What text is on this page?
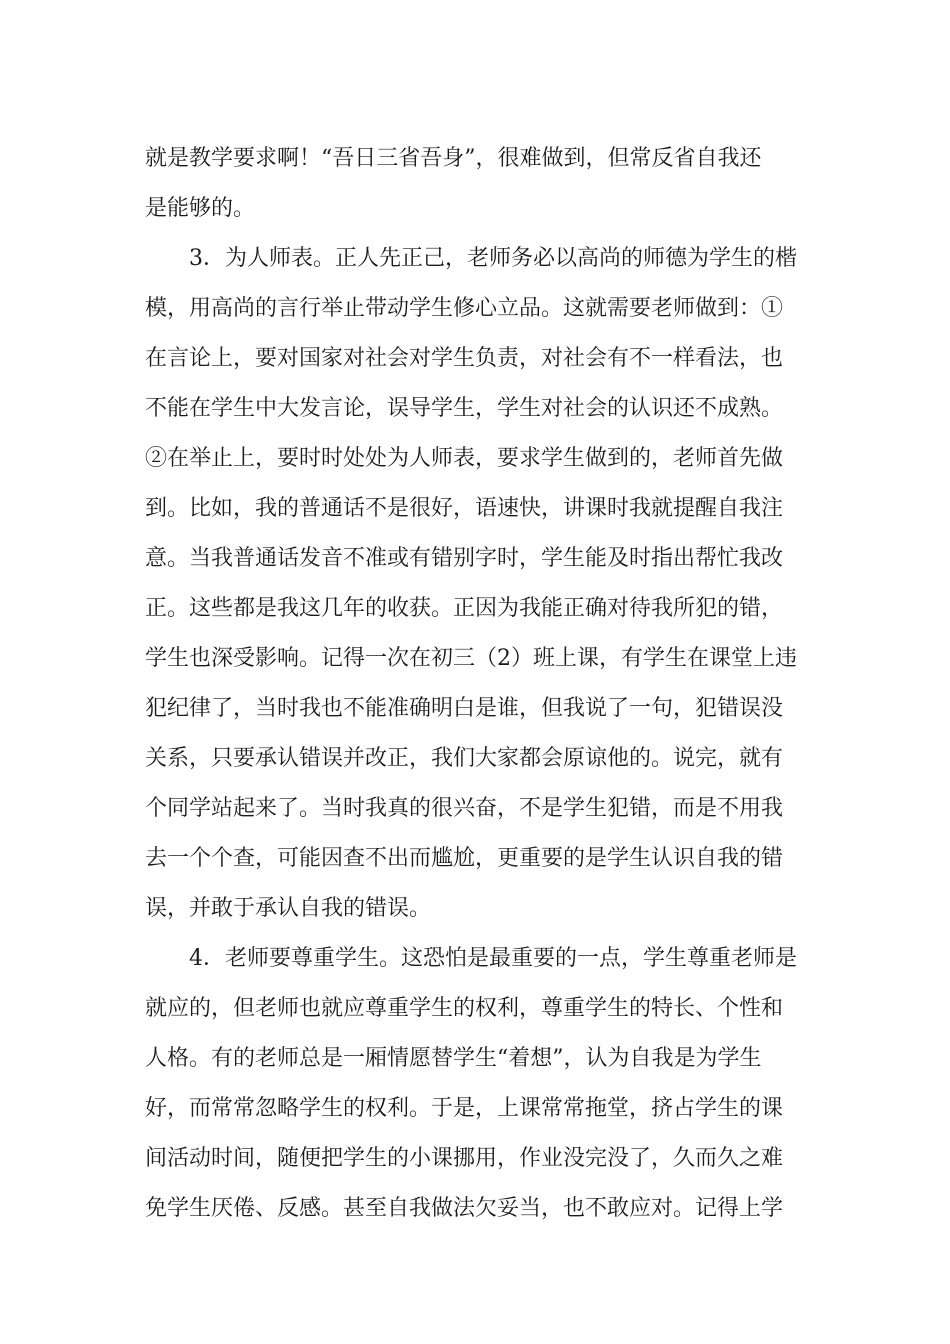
就是教学要求啊！“吾日三省吾身”，很难做到，但常反省自我还
是能够的。
3．为人师表。正人先正己，老师务必以高尚的师德为学生的楷
模，用高尚的言行举止带动学生修心立品。这就需要老师做到：①
在言论上，要对国家对社会对学生负责，对社会有不一样看法，也
不能在学生中大发言论，误导学生，学生对社会的认识还不成熟。
②在举止上，要时时处处为人师表，要求学生做到的，老师首先做
到。比如，我的普通话不是很好，语速快，讲课时我就提醒自我注
意。当我普通话发音不准或有错别字时，学生能及时指出帮忙我改
正。这些都是我这几年的收获。正因为我能正确对待我所犯的错，
学生也深受影响。记得一次在初三（2）班上课，有学生在课堂上违
犯纪律了，当时我也不能准确明白是谁，但我说了一句，犯错误没
关系，只要承认错误并改正，我们大家都会原谅他的。说完，就有
个同学站起来了。当时我真的很兴奋，不是学生犯错，而是不用我
去一个个查，可能因查不出而尴尬，更重要的是学生认识自我的错
误，并敢于承认自我的错误。
4．老师要尊重学生。这恐怕是最重要的一点，学生尊重老师是
就应的，但老师也就应尊重学生的权利，尊重学生的特长、个性和
人格。有的老师总是一厢情愿替学生“着想”，认为自我是为学生
好，而常常忽略学生的权利。于是，上课常常拖堂，挤占学生的课
间活动时间，随便把学生的小课挪用，作业没完没了，久而久之难
免学生厌倦、反感。甚至自我做法欠妥当，也不敢应对。记得上学
